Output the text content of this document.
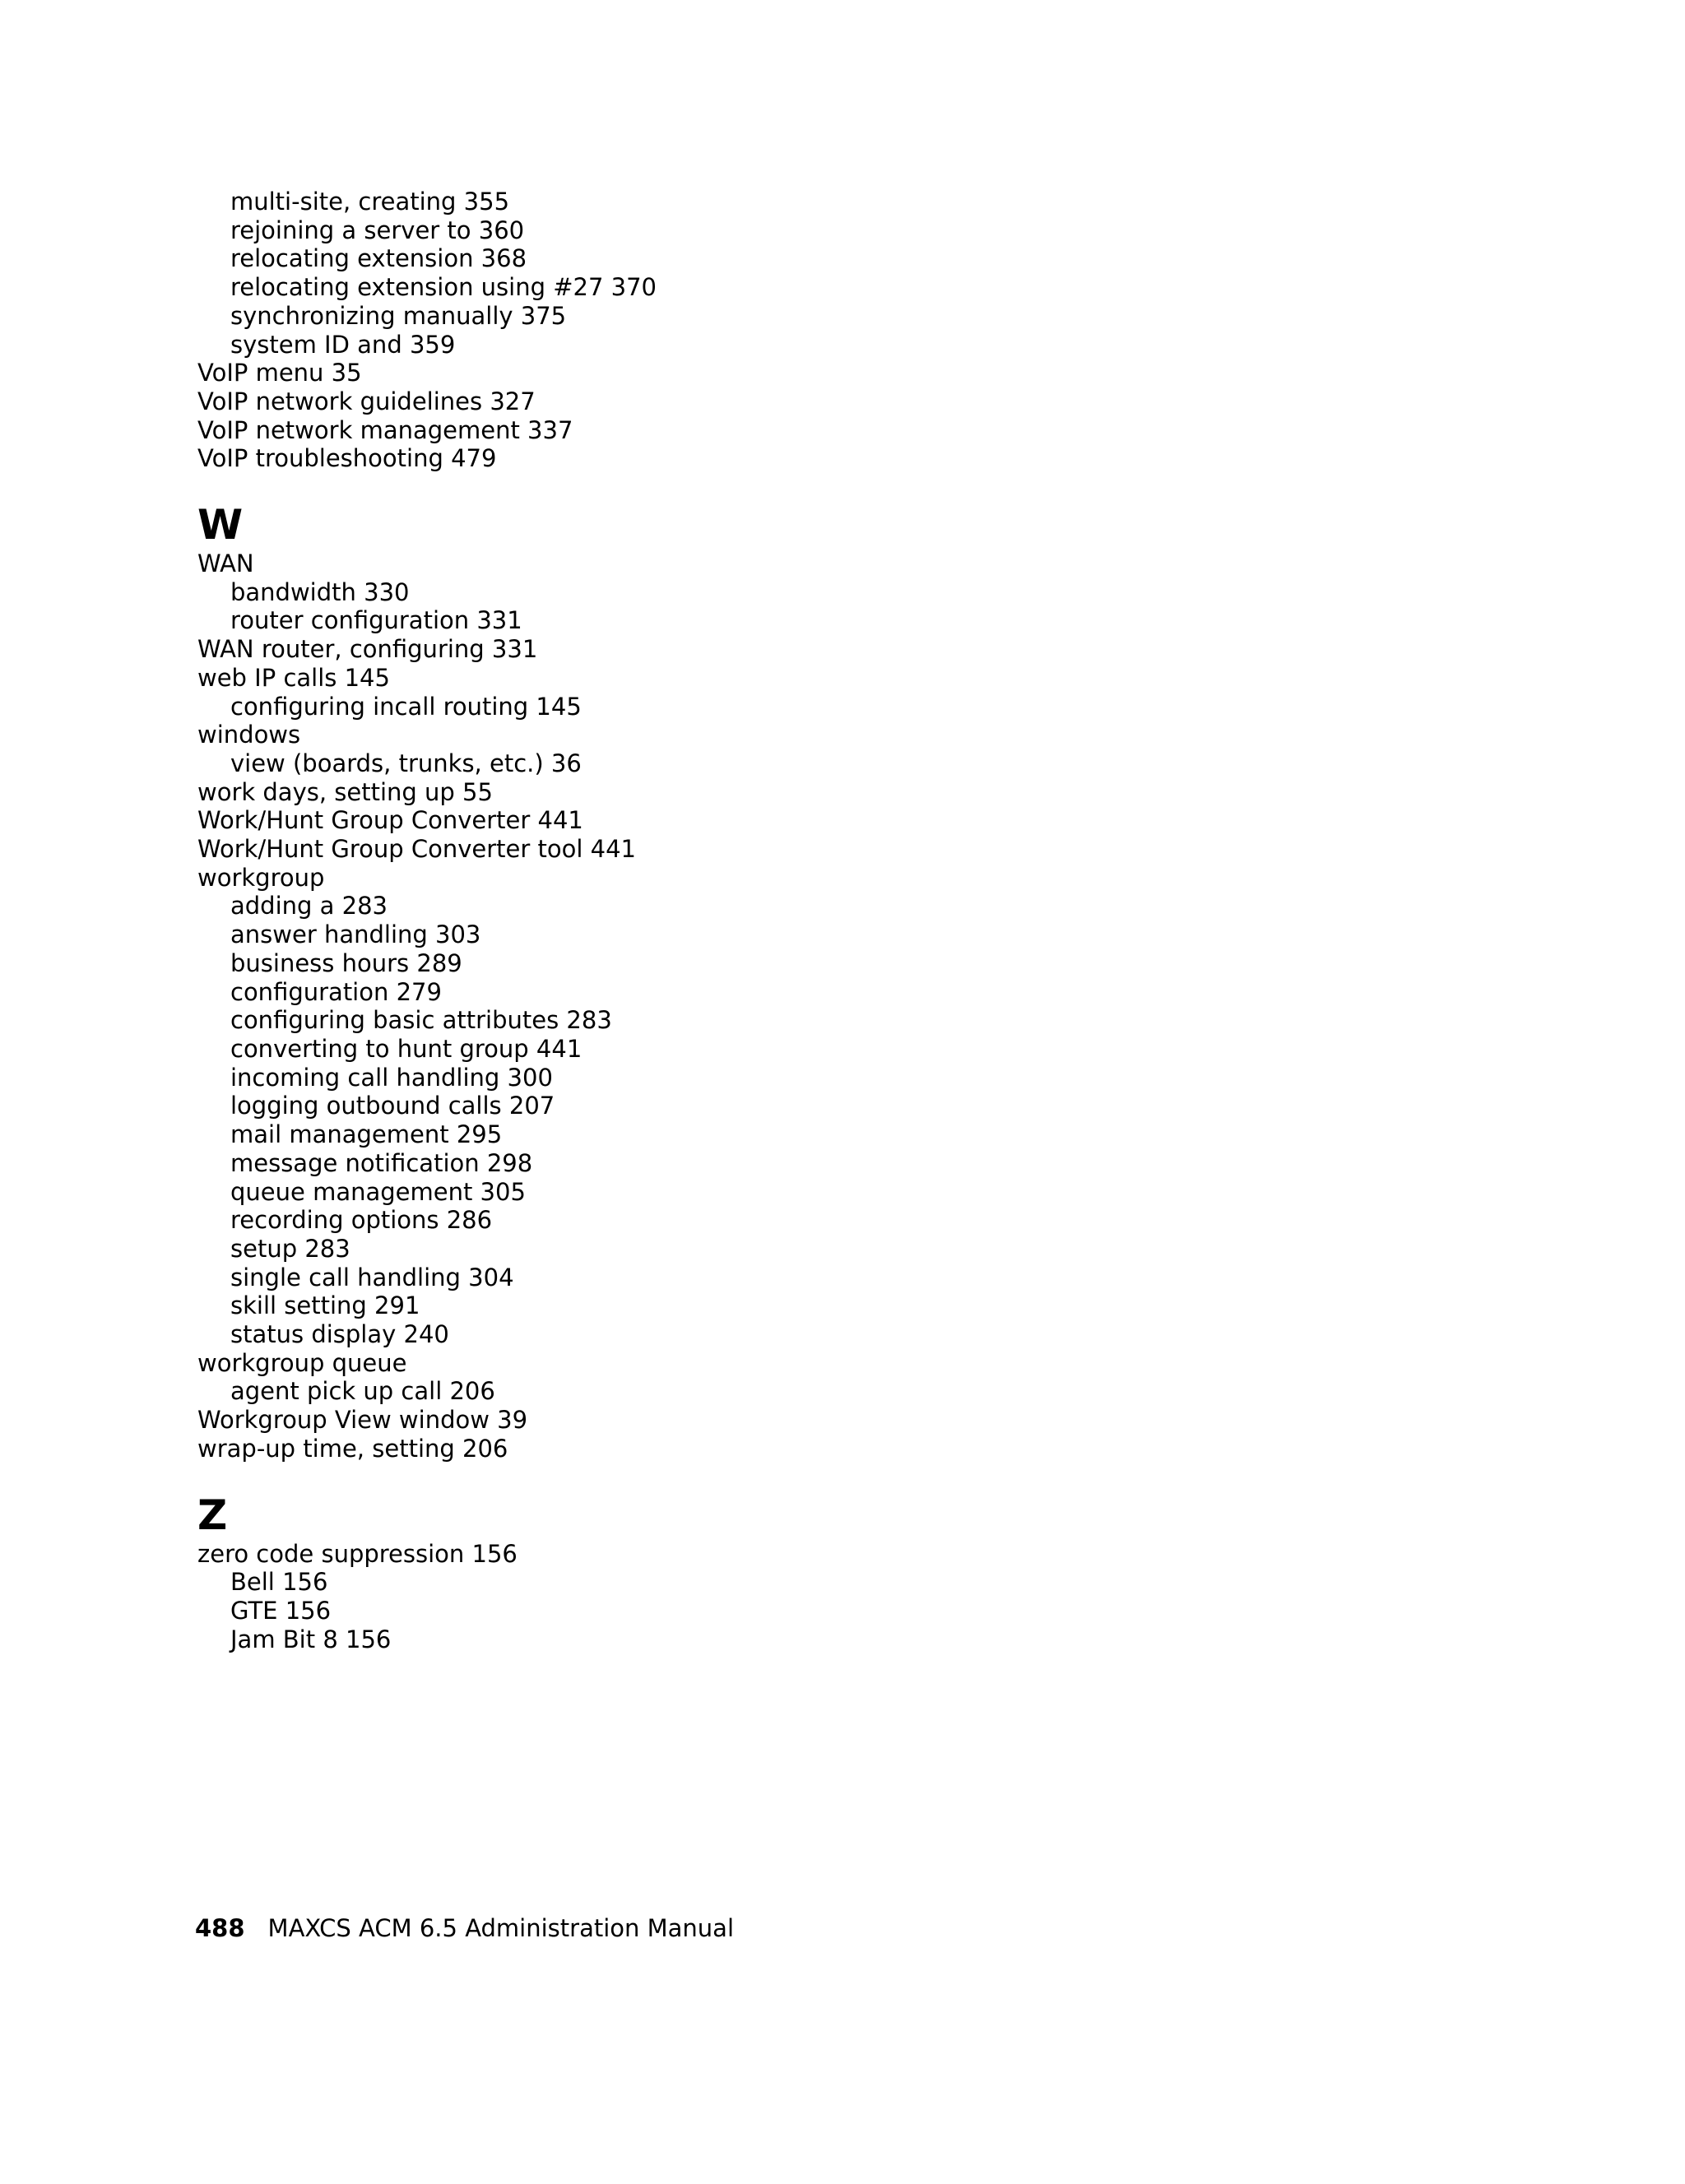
multi-site, creating 355

rejoining a server to 360

relocating extension 368

relocating extension using #27 370

synchronizing manually 375

system ID and 359

VoIP menu 35

VoIP network guidelines 327

VoIP network management 337

VoIP troubleshooting 479

W

WAN

bandwidth 330

router configuration 331

WAN router, configuring 331

web IP calls 145

configuring incall routing 145

windows

view (boards, trunks, etc.) 36

work days, setting up 55

Work/Hunt Group Converter 441

Work/Hunt Group Converter tool 441

workgroup

adding a 283

answer handling 303

business hours 289

configuration 279

configuring basic attributes 283

converting to hunt group 441

incoming call handling 300

logging outbound calls 207

mail management 295

message notification 298

queue management 305

recording options 286

setup 283

single call handling 304

skill setting 291

status display 240

workgroup queue

agent pick up call 206

Workgroup View window 39

wrap-up time, setting 206

Z

zero code suppression 156

Bell 156

GTE 156

Jam Bit 8 156

488 MAXCS ACM 6.5 Administration Manual
